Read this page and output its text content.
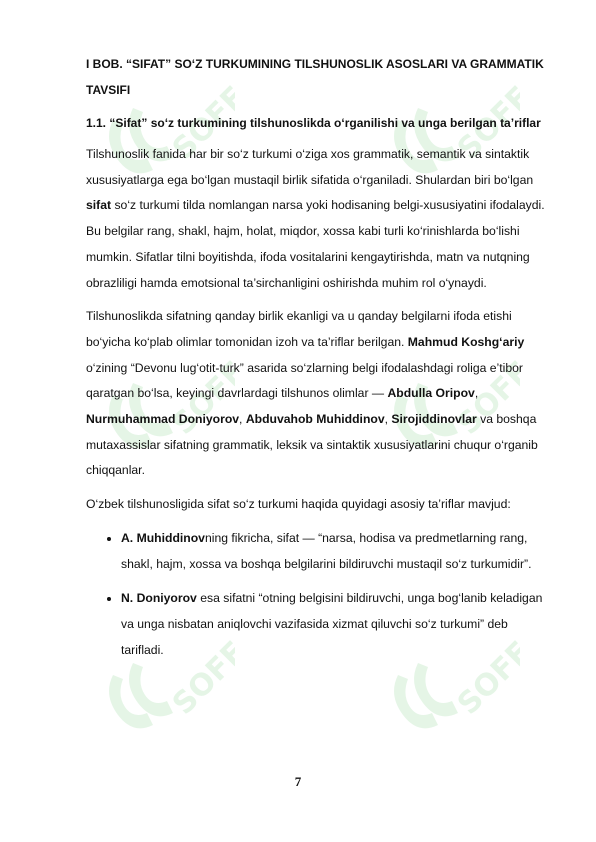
SOFF	SOFF
SOFF	SOFF
SOFF	SOFF
I BOB. “SIFAT” SO‘Z TURKUMINING TILSHUNOSLIK ASOSLARI VA GRAMMATIK TAVSIFI
1.1. “Sifat” so‘z turkumining tilshunoslikda o‘rganilishi va unga berilgan ta’riflar

Tilshunoslik fanida har bir so‘z turkumi o‘ziga xos grammatik, semantik va sintaktik xususiyatlarga ega bo‘lgan mustaqil birlik sifatida o‘rganiladi. Shulardan biri bo‘lgan sifat so‘z turkumi tilda nomlangan narsa yoki hodisaning belgi-xususiyatini ifodalaydi. Bu belgilar rang, shakl, hajm, holat, miqdor, xossa kabi turli ko‘rinishlarda bo‘lishi mumkin. Sifatlar tilni boyitishda, ifoda vositalarini kengaytirishda, matn va nutqning obrazliligi hamda emotsional ta’sirchanligini oshirishda muhim rol o‘ynaydi.

Tilshunoslikda sifatning qanday birlik ekanligi va u qanday belgilarni ifoda etishi bo‘yicha ko‘plab olimlar tomonidan izoh va ta’riflar berilgan. Mahmud Koshg‘ariy o‘zining “Devonu lug‘otit-turk” asarida so‘zlarning belgi ifodalashdagi roliga e’tibor qaratgan bo‘lsa, keyingi davrlardagi tilshunos olimlar — Abdulla Oripov, Nurmuhammad Doniyorov, Abduvahob Muhiddinov, Sirojiddinovlar va boshqa mutaxassislar sifatning grammatik, leksik va sintaktik xususiyatlarini chuqur o‘rganib chiqqanlar.

O‘zbek tilshunosligida sifat so‘z turkumi haqida quyidagi asosiy ta’riflar mavjud:

• A. Muhiddinovning fikricha, sifat — “narsa, hodisa va predmetlarning rang, shakl, hajm, xossa va boshqa belgilarini bildiruvchi mustaqil so‘z turkumidir”.
• N. Doniyorov esa sifatni “otning belgisini bildiruvchi, unga bog‘lanib keladigan va unga nisbatan aniqlovchi vazifasida xizmat qiluvchi so‘z turkumi” deb tarifladi.
7
